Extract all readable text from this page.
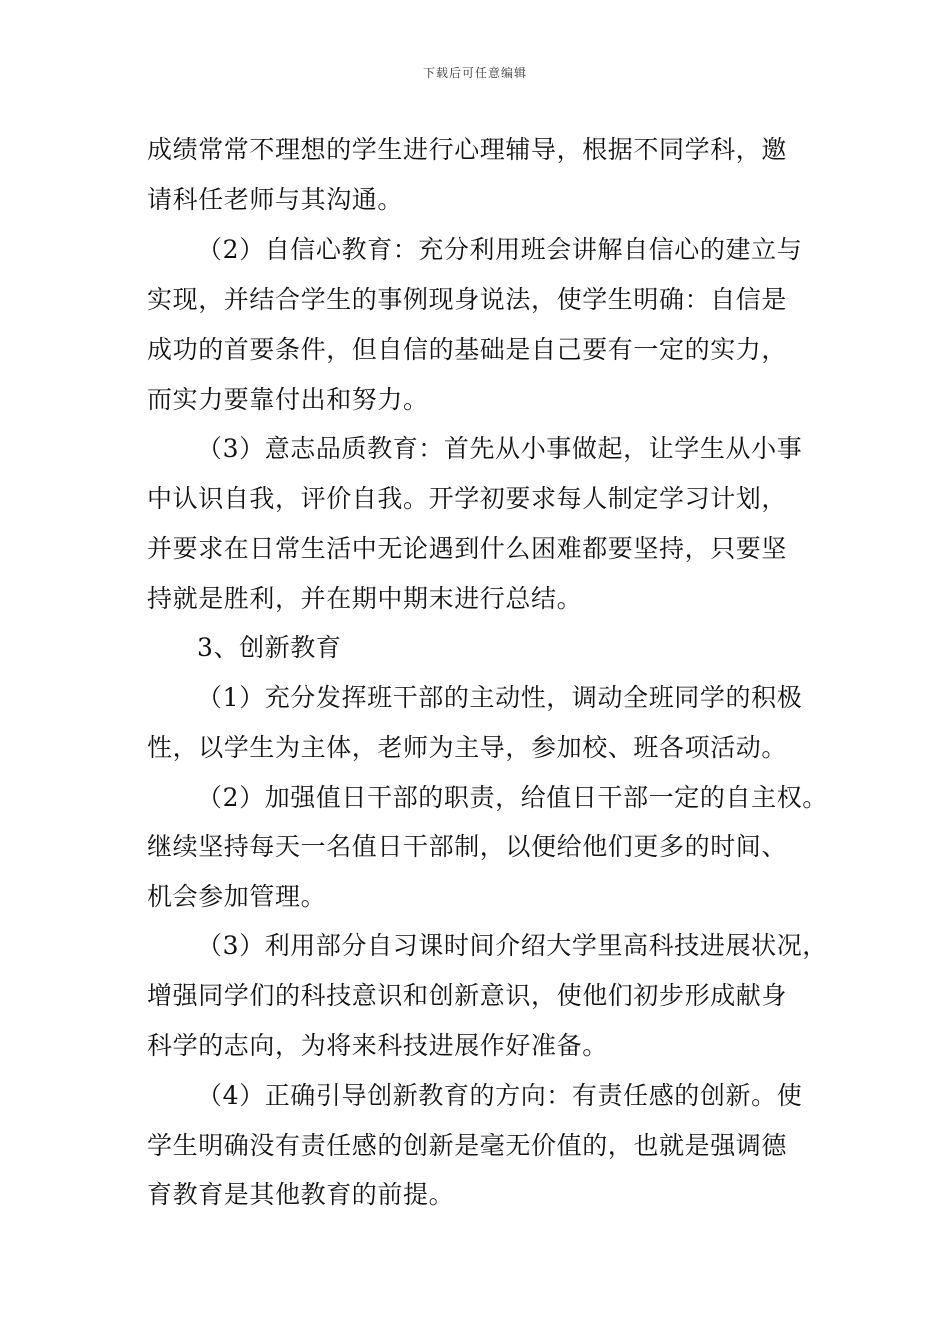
下载后可任意编辑
成绩常常不理想的学生进行心理辅导，根据不同学科，邀
请科任老师与其沟通。
（2）自信心教育：充分利用班会讲解自信心的建立与
实现，并结合学生的事例现身说法，使学生明确：自信是
成功的首要条件，但自信的基础是自己要有一定的实力，
而实力要靠付出和努力。
（3）意志品质教育：首先从小事做起，让学生从小事
中认识自我，评价自我。开学初要求每人制定学习计划，
并要求在日常生活中无论遇到什么困难都要坚持，只要坚
持就是胜利，并在期中期末进行总结。
3、创新教育
（1）充分发挥班干部的主动性，调动全班同学的积极
性，以学生为主体，老师为主导，参加校、班各项活动。
（2）加强值日干部的职责，给值日干部一定的自主权。
继续坚持每天一名值日干部制，以便给他们更多的时间、
机会参加管理。
（3）利用部分自习课时间介绍大学里高科技进展状况，
增强同学们的科技意识和创新意识，使他们初步形成献身
科学的志向，为将来科技进展作好准备。
（4）正确引导创新教育的方向：有责任感的创新。使
学生明确没有责任感的创新是毫无价值的，也就是强调德
育教育是其他教育的前提。
